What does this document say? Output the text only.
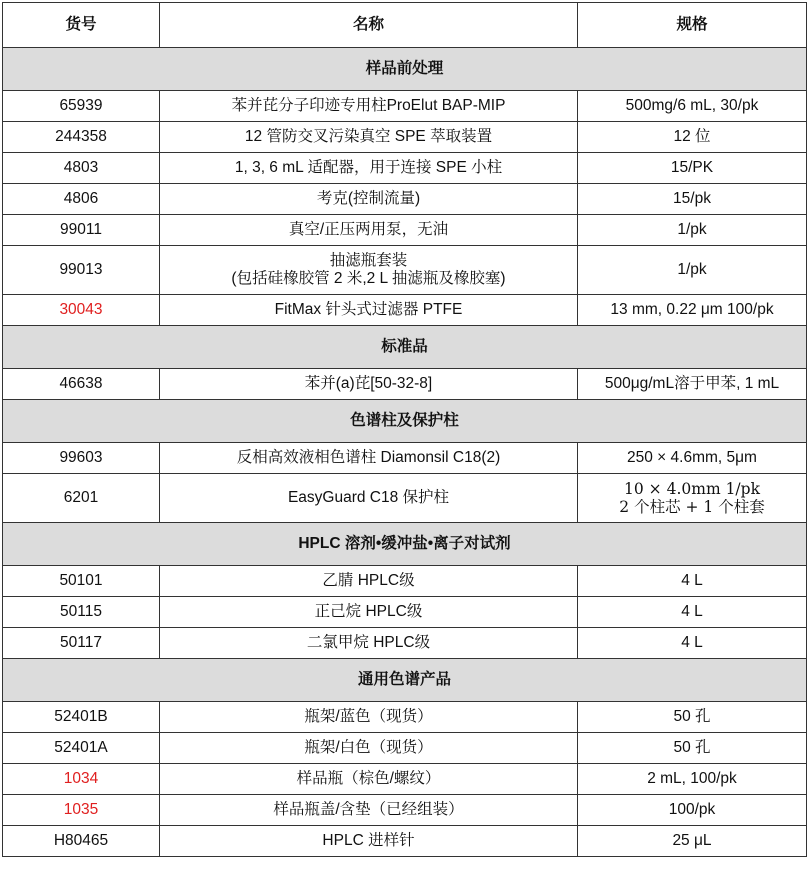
货号	名称	规格
样品前处理		
65939	苯并芘分子印迹专用柱ProElut BAP-MIP	500mg/6 mL, 30/pk
244358	12 管防交叉污染真空 SPE 萃取装置	12 位
4803	1, 3, 6 mL 适配器，用于连接 SPE 小柱	15/PK
4806	考克(控制流量)	15/pk
99011	真空/正压两用泵，无油	1/pk
99013	抽滤瓶套装
(包括硅橡胶管 2 米,2 L 抽滤瓶及橡胶塞)	1/pk
30043	FitMax 针头式过滤器 PTFE	13 mm, 0.22 μm 100/pk
标准品		
46638	苯并(a)芘[50-32-8]	500μg/mL溶于甲苯, 1 mL
色谱柱及保护柱		
99603	反相高效液相色谱柱 Diamonsil C18(2)	250 × 4.6mm, 5μm
6201	EasyGuard C18 保护柱	10 × 4.0mm 1/pk
2 个柱芯 + 1 个柱套

HPLC 溶剂•缓冲盐•离子对试剂		
50101	乙腈 HPLC级	4 L
50115	正己烷 HPLC级	4 L
50117	二氯甲烷 HPLC级	4 L
通用色谱产品		
52401B	瓶架/蓝色（现货）	50 孔
52401A	瓶架/白色（现货）	50 孔
1034	样品瓶（棕色/螺纹）	2 mL, 100/pk
1035	样品瓶盖/含垫（已经组装）	100/pk
H80465	HPLC 进样针	25 μL
